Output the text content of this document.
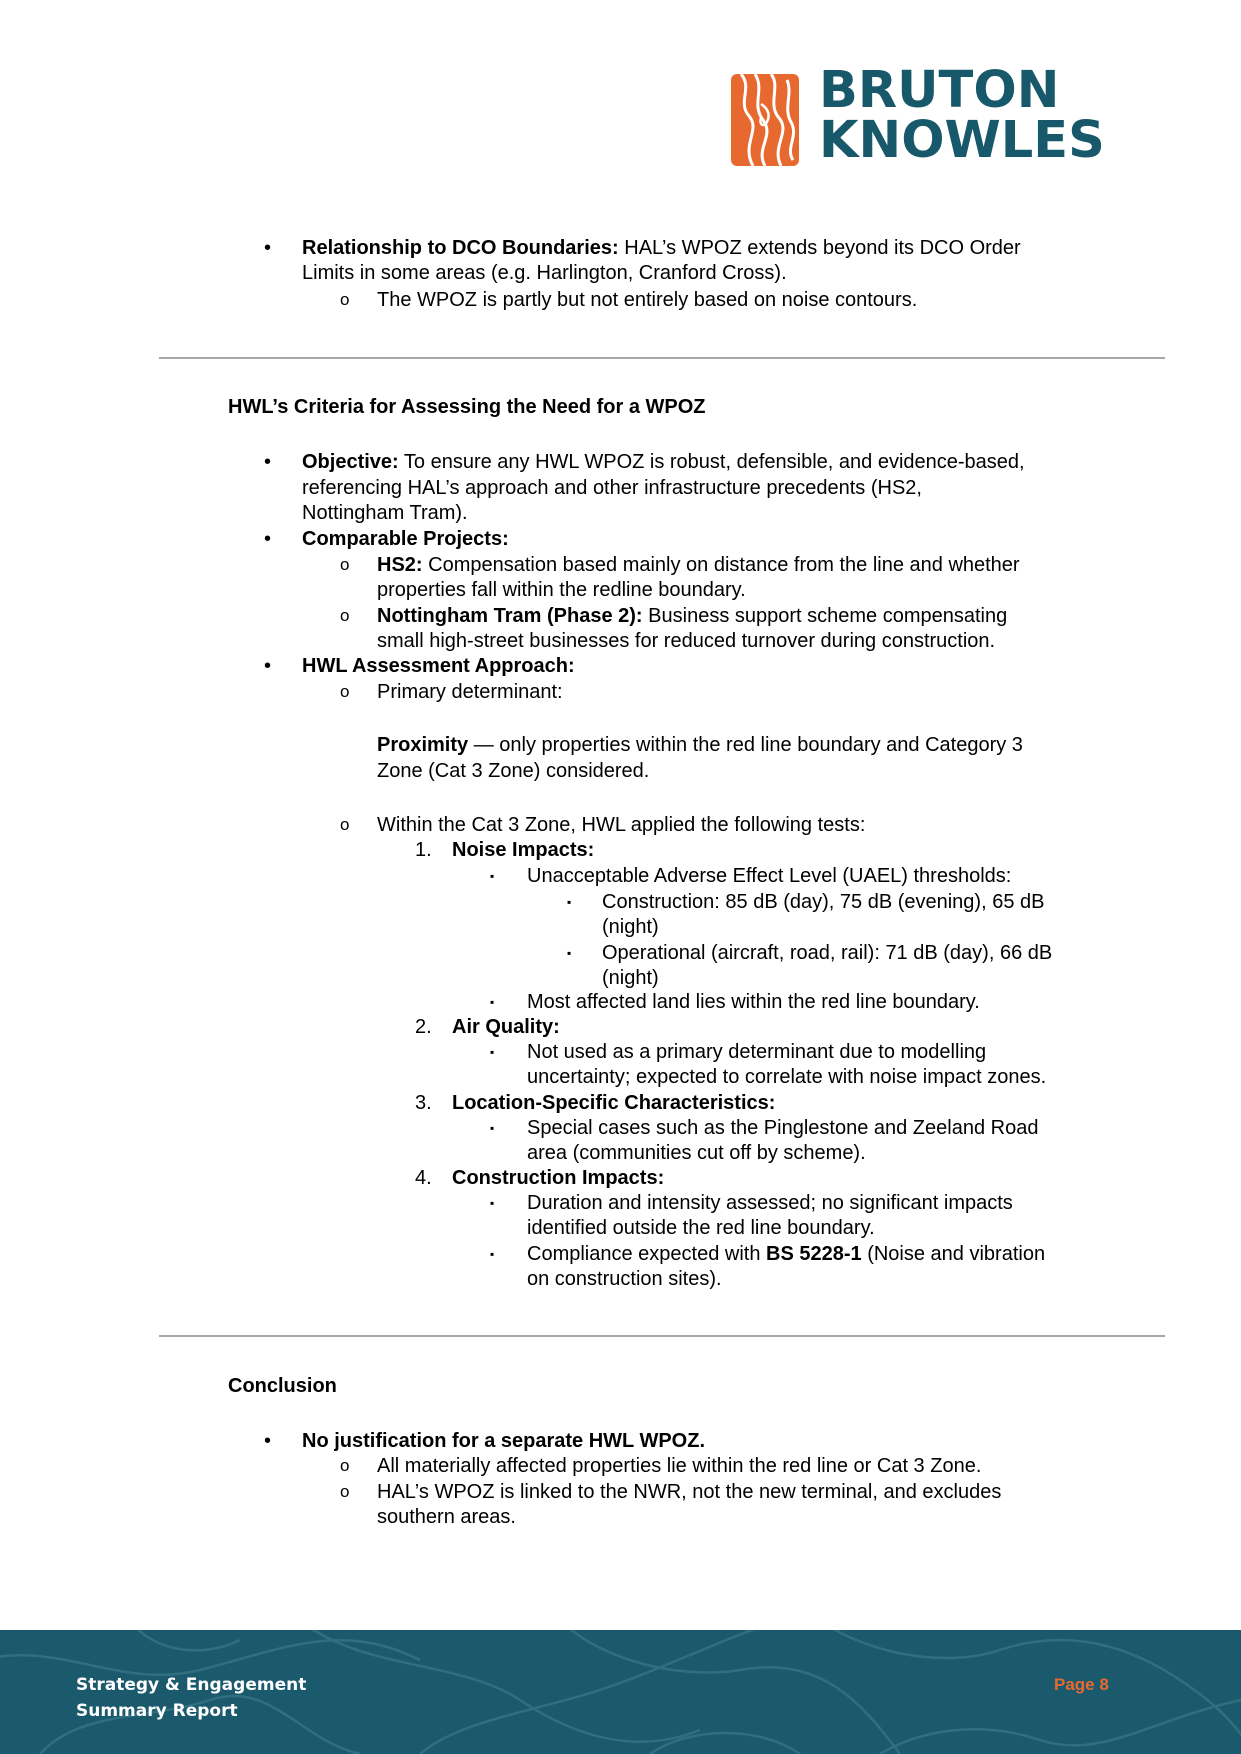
BRUTON
KNOWLES
• Relationship to DCO Boundaries: HAL’s WPOZ extends beyond its DCO Order
Limits in some areas (e.g. Harlington, Cranford Cross).
o The WPOZ is partly but not entirely based on noise contours.
HWL’s Criteria for Assessing the Need for a WPOZ
• Objective: To ensure any HWL WPOZ is robust, defensible, and evidence-based,
referencing HAL’s approach and other infrastructure precedents (HS2,
Nottingham Tram).
• Comparable Projects:
o HS2: Compensation based mainly on distance from the line and whether
properties fall within the redline boundary.
o Nottingham Tram (Phase 2): Business support scheme compensating
small high-street businesses for reduced turnover during construction.
• HWL Assessment Approach:
o Primary determinant:
Proximity — only properties within the red line boundary and Category 3
Zone (Cat 3 Zone) considered.
o Within the Cat 3 Zone, HWL applied the following tests:
1. Noise Impacts:
▪ Unacceptable Adverse Effect Level (UAEL) thresholds:
▪ Construction: 85 dB (day), 75 dB (evening), 65 dB
(night)
▪ Operational (aircraft, road, rail): 71 dB (day), 66 dB
(night)
▪ Most affected land lies within the red line boundary.
2. Air Quality:
▪ Not used as a primary determinant due to modelling
uncertainty; expected to correlate with noise impact zones.
3. Location-Specific Characteristics:
▪ Special cases such as the Pinglestone and Zeeland Road
area (communities cut off by scheme).
4. Construction Impacts:
▪ Duration and intensity assessed; no significant impacts
identified outside the red line boundary.
▪ Compliance expected with BS 5228-1 (Noise and vibration
on construction sites).
Conclusion
• No justification for a separate HWL WPOZ.
o All materially affected properties lie within the red line or Cat 3 Zone.
o HAL’s WPOZ is linked to the NWR, not the new terminal, and excludes
southern areas.
Strategy & Engagement
Summary Report
Page 8
